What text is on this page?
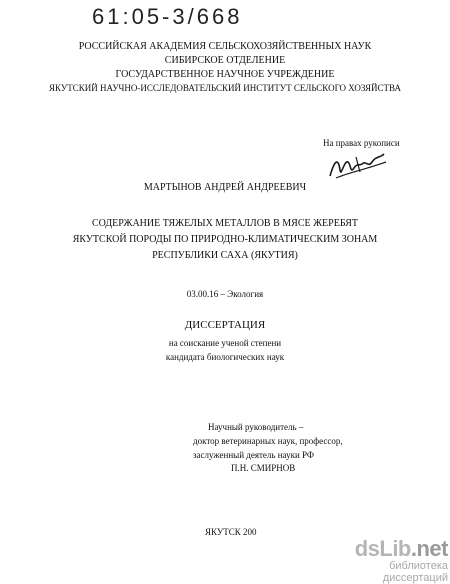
61:05-3/668
РОССИЙСКАЯ АКАДЕМИЯ СЕЛЬСКОХОЗЯЙСТВЕННЫХ НАУК
СИБИРСКОЕ ОТДЕЛЕНИЕ
ГОСУДАРСТВЕННОЕ НАУЧНОЕ УЧРЕЖДЕНИЕ
ЯКУТСКИЙ НАУЧНО-ИССЛЕДОВАТЕЛЬСКИЙ ИНСТИТУТ СЕЛЬСКОГО ХОЗЯЙСТВА
На правах рукописи
МАРТЫНОВ АНДРЕЙ АНДРЕЕВИЧ
СОДЕРЖАНИЕ ТЯЖЕЛЫХ МЕТАЛЛОВ В МЯСЕ ЖЕРЕБЯТ
ЯКУТСКОЙ ПОРОДЫ ПО ПРИРОДНО-КЛИМАТИЧЕСКИМ ЗОНАМ
РЕСПУБЛИКИ САХА (ЯКУТИЯ)
03.00.16 – Экология
ДИССЕРТАЦИЯ
на соискание ученой степени
кандидата биологических наук
Научный руководитель –
доктор ветеринарных наук, профессор,
заслуженный деятель науки РФ
П.Н. СМИРНОВ
ЯКУТСК 200
dsLib.net
библиотека диссертаций
